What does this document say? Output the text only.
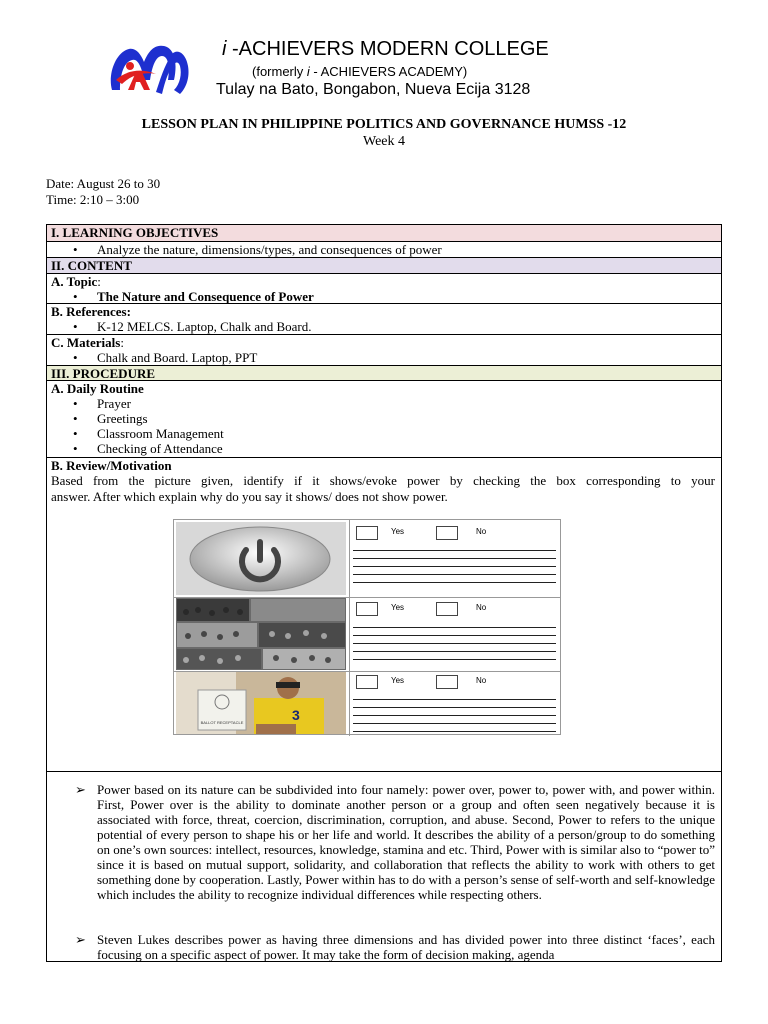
i -ACHIEVERS MODERN COLLEGE
(formerly i - ACHIEVERS ACADEMY)
Tulay na Bato, Bongabon, Nueva Ecija 3128
LESSON PLAN IN PHILIPPINE POLITICS AND GOVERNANCE HUMSS -12
Week 4
Date: August 26 to 30
Time: 2:10 – 3:00
I. LEARNING OBJECTIVES
• Analyze the nature, dimensions/types, and consequences of power
II. CONTENT
A. Topic:
• The Nature and Consequence of Power
B. References:
• K-12 MELCS. Laptop, Chalk and Board.
C. Materials:
• Chalk and Board. Laptop, PPT
III. PROCEDURE
A. Daily Routine
• Prayer
• Greetings
• Classroom Management
• Checking of Attendance
B. Review/Motivation
Based from the picture given, identify if it shows/evoke power by checking the box corresponding to your
answer. After which explain why do you say it shows/ does not show power.
Yes	No
Yes	No
BALLOT RECEPTACLE	3
Yes	No
➢ Power based on its nature can be subdivided into four namely: power over, power to, power with, and power within. First, Power over is the ability to dominate another person or a group and often seen negatively because it is associated with force, threat, coercion, discrimination, corruption, and abuse. Second, Power to refers to the unique potential of every person to shape his or her life and world. It describes the ability of a person/group to do something on one’s own sources: intellect, resources, knowledge, stamina and etc. Third, Power with is similar also to “power to” since it is based on mutual support, solidarity, and collaboration that reflects the ability to work with others to get something done by cooperation. Lastly, Power within has to do with a person’s sense of self-worth and self-knowledge which includes the ability to recognize individual differences while respecting others.
➢ Steven Lukes describes power as having three dimensions and has divided power into three distinct ‘faces’, each focusing on a specific aspect of power. It may take the form of decision making, agenda
